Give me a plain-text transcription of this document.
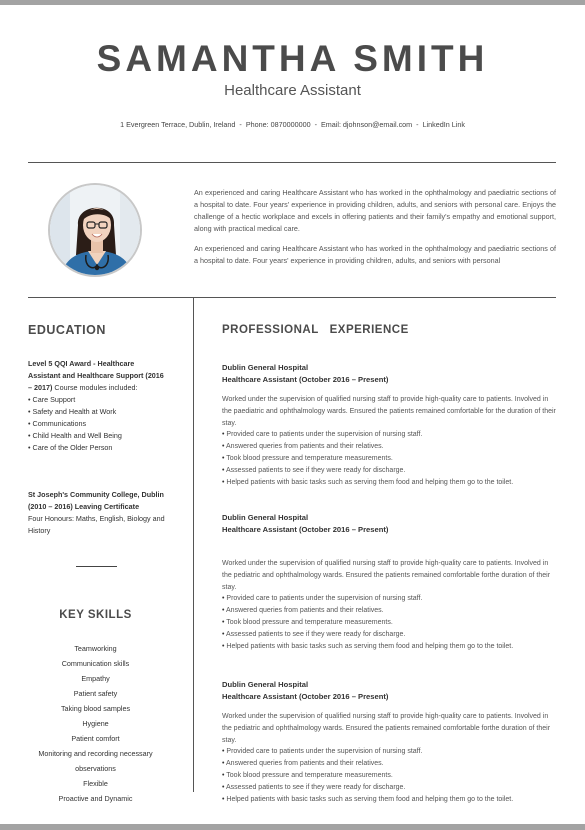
SAMANTHA SMITH
Healthcare Assistant
1 Evergreen Terrace, Dublin, Ireland  -  Phone: 0870000000  -  Email: djohnson@email.com  -  LinkedIn Link

An experienced and caring Healthcare Assistant who has worked in the ophthalmology and paediatric sections of a hospital to date. Four years' experience in providing children, adults, and seniors with personal care. Enjoys the challenge of a hectic workplace and excels in offering patients and their family's empathy and emotional support, along with practical medical care.

An experienced and caring Healthcare Assistant who has worked in the ophthalmology and paediatric sections of a hospital to date. Four years' experience in providing children, adults, and seniors with personal

EDUCATION
Level 5 QQI Award - Healthcare Assistant and Healthcare Support (2016 – 2017) Course modules included:
• Care Support
• Safety and Health at Work
• Communications
• Child Health and Well Being
• Care of the Older Person
St Joseph's Community College, Dublin (2010 – 2016) Leaving Certificate
Four Honours: Maths, English, Biology and History
KEY SKILLS
Teamworking
Communication skills
Empathy
Patient safety
Taking blood samples
Hygiene
Patient comfort
Monitoring and recording necessary observations
Flexible
Proactive and Dynamic
PROFESSIONAL   EXPERIENCE
Dublin General Hospital
Healthcare Assistant (October 2016 – Present)
Worked under the supervision of qualified nursing staff to provide high-quality care to patients. Involved in the paediatric and ophthalmology wards. Ensured the patients remained comfortable for the duration of their stay.
• Provided care to patients under the supervision of nursing staff.
• Answered queries from patients and their relatives.
• Took blood pressure and temperature measurements.
• Assessed patients to see if they were ready for discharge.
• Helped patients with basic tasks such as serving them food and helping them go to the toilet.
Dublin General Hospital
Healthcare Assistant (October 2016 – Present)
Worked under the supervision of qualified nursing staff to provide high-quality care to patients. Involved in the pediatric and ophthalmology wards. Ensured the patients remained comfortable forthe duration of their stay.
• Provided care to patients under the supervision of nursing staff.
• Answered queries from patients and their relatives.
• Took blood pressure and temperature measurements.
• Assessed patients to see if they were ready for discharge.
• Helped patients with basic tasks such as serving them food and helping them go to the toilet.
Dublin General Hospital
Healthcare Assistant (October 2016 – Present)
Worked under the supervision of qualified nursing staff to provide high-quality care to patients. Involved in the pediatric and ophthalmology wards. Ensured the patients remained comfortable forthe duration of their stay.
• Provided care to patients under the supervision of nursing staff.
• Answered queries from patients and their relatives.
• Took blood pressure and temperature measurements.
• Assessed patients to see if they were ready for discharge.
• Helped patients with basic tasks such as serving them food and helping them go to the toilet.
